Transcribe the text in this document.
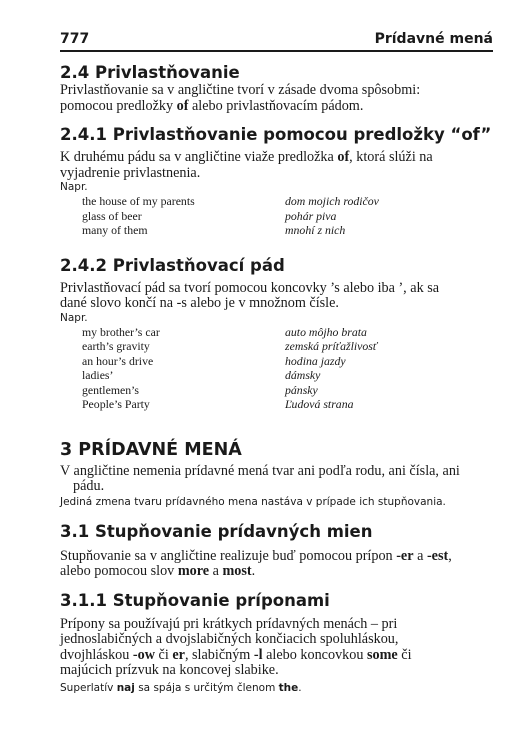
777	Prídavné mená
2.4 Privlastňovanie

Privlastňovanie sa v angličtine tvorí v zásade dvoma spôsobmi:
pomocou predložky of alebo privlastňovacím pádom.

2.4.1 Privlastňovanie pomocou predložky “of”

K druhému pádu sa v angličtine viaže predložka of, ktorá slúži na
vyjadrenie privlastnenia.

Napr.

the house of my parents	dom mojich rodičov
glass of beer	pohár piva
many of them	mnohí z nich
2.4.2 Privlastňovací pád

Privlastňovací pád sa tvorí pomocou koncovky ’s alebo iba ’, ak sa
dané slovo končí na -s alebo je v množnom čísle.

Napr.

my brother’s car	auto môjho brata
earth’s gravity	zemská príťažlivosť
an hour’s drive	hodina jazdy
ladies’	dámsky
gentlemen’s	pánsky
People’s Party	Ľudová strana
3 PRÍDAVNÉ MENÁ

V angličtine nemenia prídavné mená tvar ani podľa rodu, ani čísla, ani
pádu.

Jediná zmena tvaru prídavného mena nastáva v prípade ich stupňovania.

3.1 Stupňovanie prídavných mien

Stupňovanie sa v angličtine realizuje buď pomocou prípon -er a -est,
alebo pomocou slov more a most.

3.1.1 Stupňovanie príponami

Prípony sa používajú pri krátkych prídavných menách – pri
jednoslabičných a dvojslabičných končiacich spoluhláskou,
dvojhláskou -ow či er, slabičným -l alebo koncovkou some či
majúcich prízvuk na koncovej slabike.

Superlatív naj sa spája s určitým členom the.
